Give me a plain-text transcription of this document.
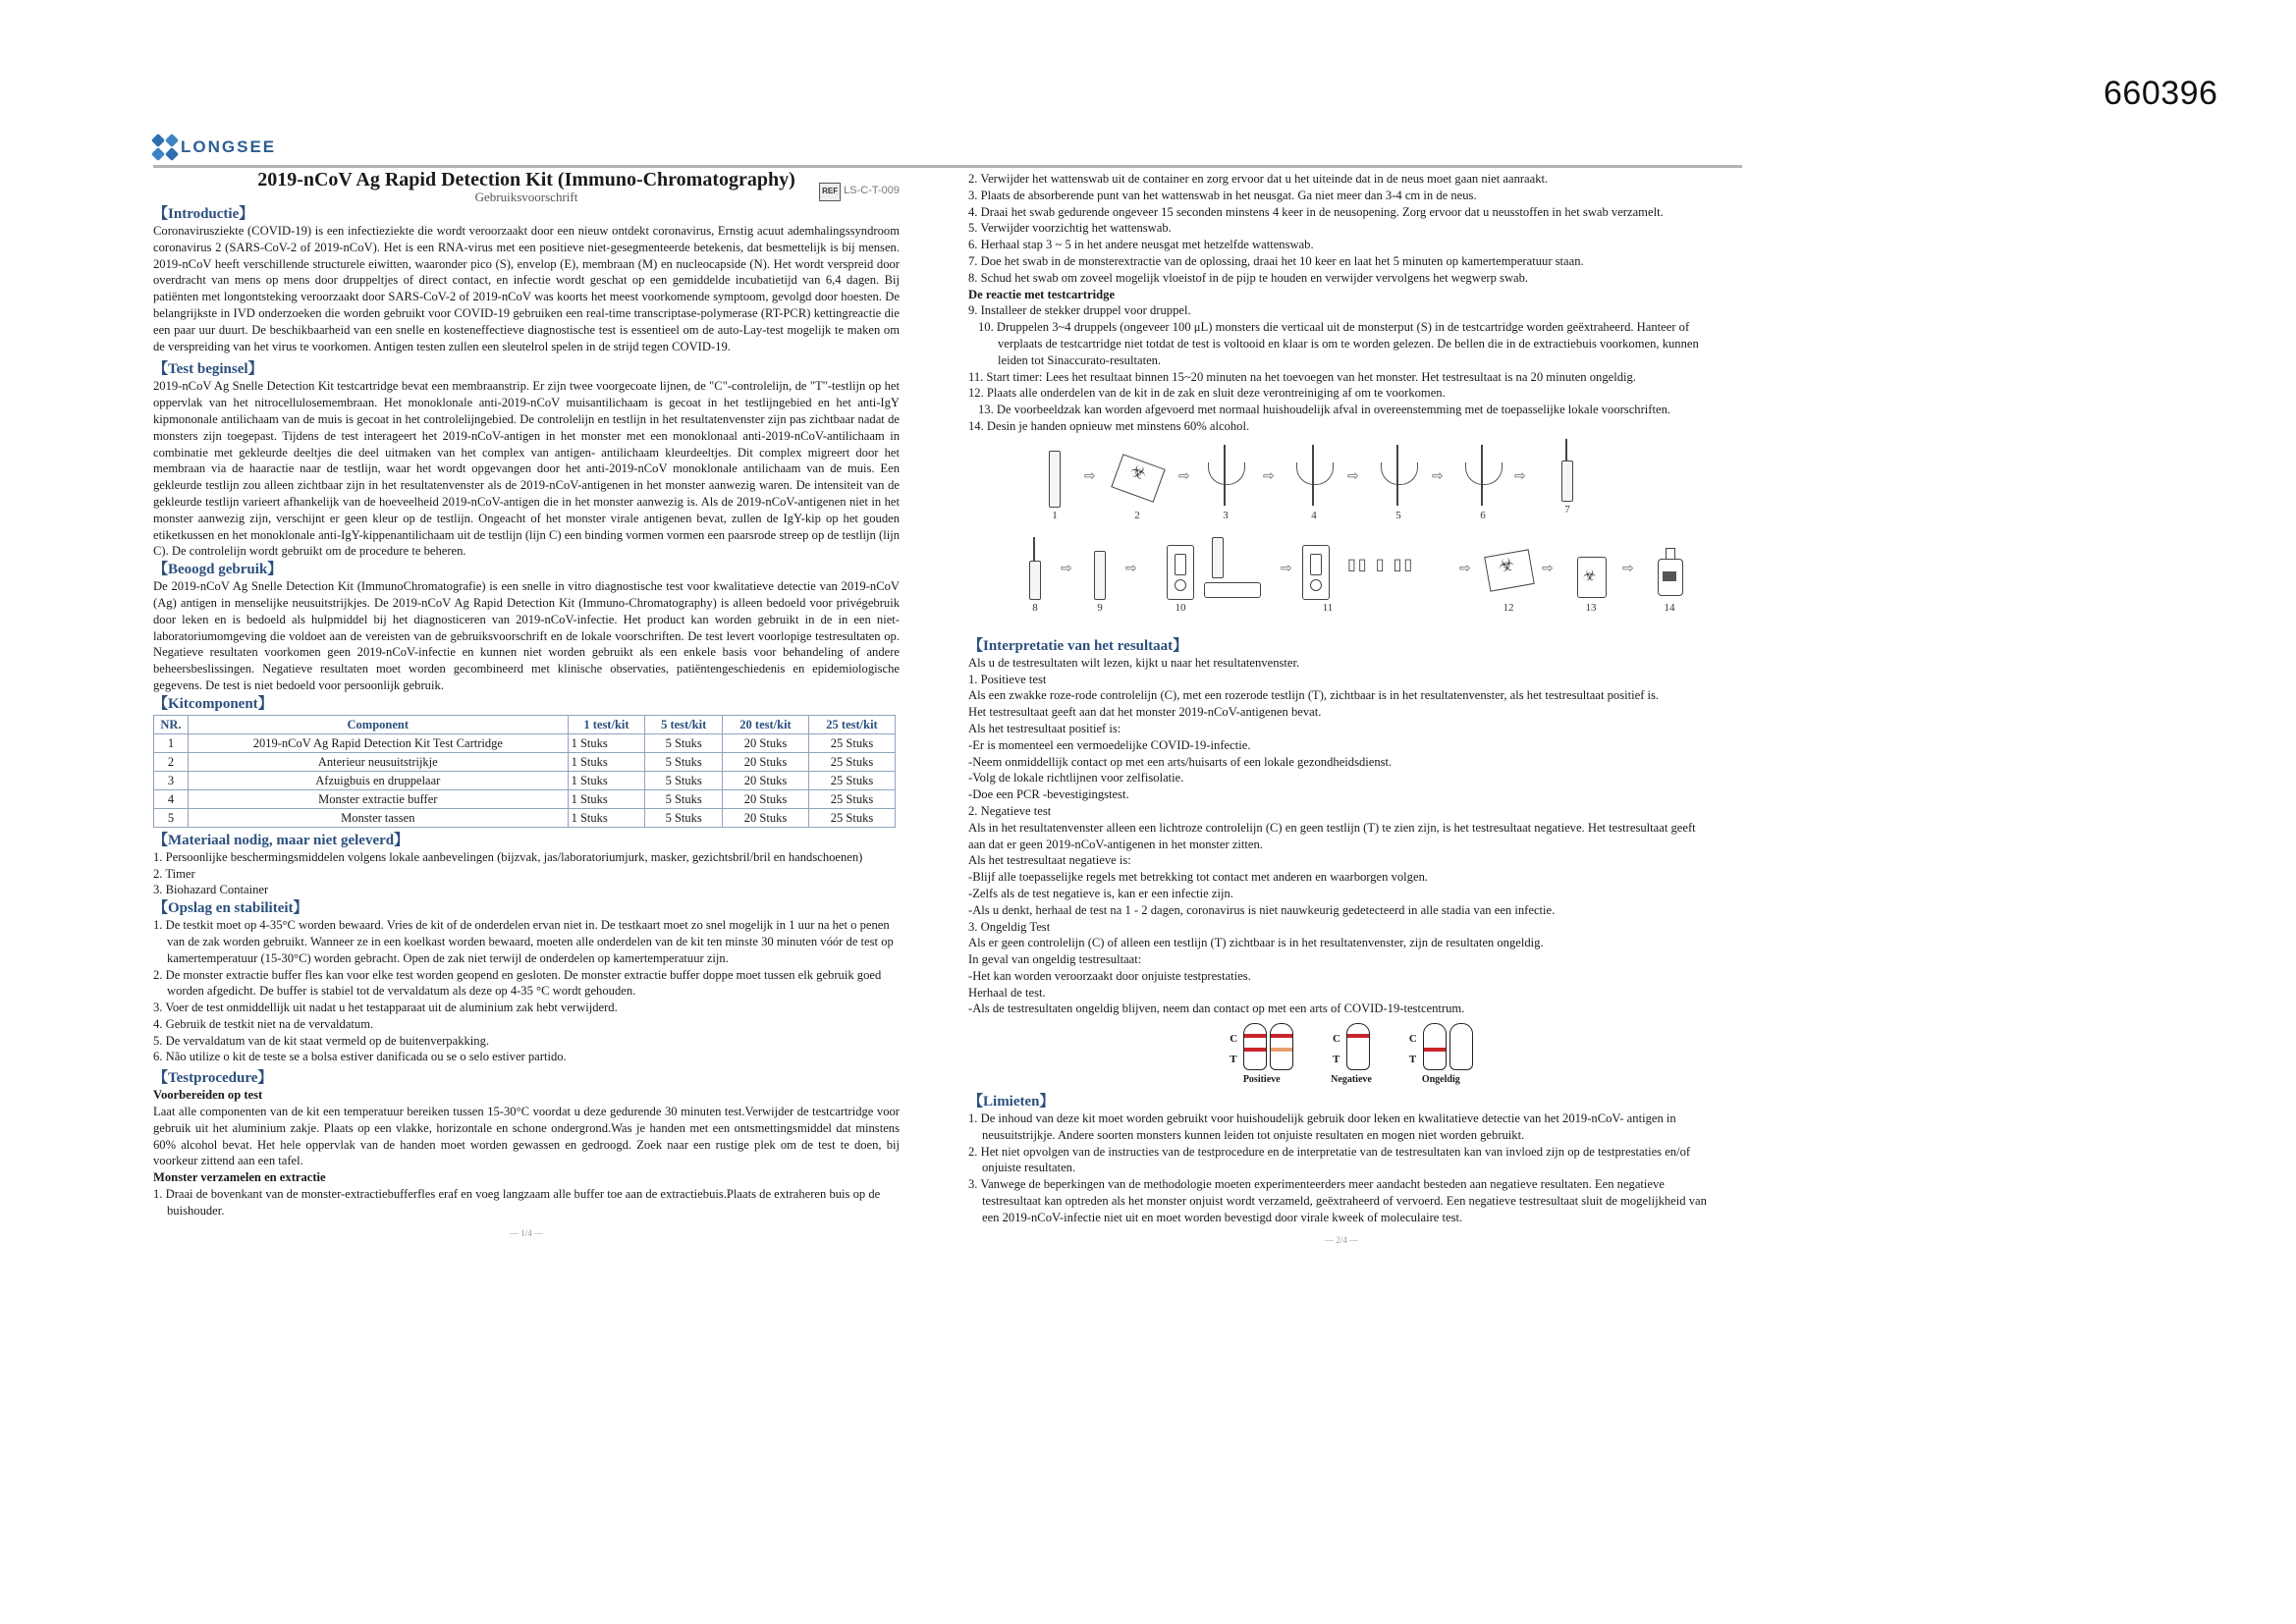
660396
LONGSEE
2019-nCoV Ag Rapid Detection Kit (Immuno-Chromatography)
Gebruiksvoorschrift	REF LS-C-T-009
【Introductie】

Coronavirusziekte (COVID-19) is een infectieziekte die wordt veroorzaakt door een nieuw ontdekt coronavirus, Ernstig acuut ademhalingssyndroom coronavirus 2 (SARS-CoV-2 of 2019-nCoV). Het is een RNA-virus met een positieve niet-gesegmenteerde betekenis, dat besmettelijk is bij mensen. 2019-nCoV heeft verschillende structurele eiwitten, waaronder pico (S), envelop (E), membraan (M) en nucleocapside (N). Het wordt verspreid door overdracht van mens op mens door druppeltjes of direct contact, en infectie wordt geschat op een gemiddelde incubatietijd van 6,4 dagen. Bij patiënten met longontsteking veroorzaakt door SARS-CoV-2 of 2019-nCoV was koorts het meest voorkomende symptoom, gevolgd door hoesten. De belangrijkste in IVD onderzoeken die worden gebruikt voor COVID-19 gebruiken een real-time transcriptase-polymerase (RT-PCR) kettingreactie die een paar uur duurt. De beschikbaarheid van een snelle en kosteneffectieve diagnostische test is essentieel om de auto-Lay-test mogelijk te maken om de verspreiding van het virus te voorkomen. Antigen testen zullen een sleutelrol spelen in de strijd tegen COVID-19.

【Test beginsel】

2019-nCoV Ag Snelle Detection Kit testcartridge bevat een membraanstrip. Er zijn twee voorgecoate lijnen, de "C"-controlelijn, de "T"-testlijn op het oppervlak van het nitrocellulosemembraan. Het monoklonale anti-2019-nCoV muisantilichaam is gecoat in het testlijngebied en het anti-IgY kipmononale antilichaam van de muis is gecoat in het controlelijngebied. De controlelijn en testlijn in het resultatenvenster zijn pas zichtbaar nadat de monsters zijn toegepast. Tijdens de test interageert het 2019-nCoV-antigen in het monster met een monoklonaal anti-2019-nCoV-antilichaam in combinatie met gekleurde deeltjes die deel uitmaken van het complex van antigen- antilichaam kleurdeeltjes. Dit complex migreert door het membraan via de haaractie naar de testlijn, waar het wordt opgevangen door het anti-2019-nCoV monoklonale antilichaam van de muis. Een gekleurde testlijn zou alleen zichtbaar zijn in het resultatenvenster als de 2019-nCoV-antigenen in het monster aanwezig waren. De intensiteit van de gekleurde testlijn varieert afhankelijk van de hoeveelheid 2019-nCoV-antigen die in het monster aanwezig is. Als de 2019-nCoV-antigenen niet in het monster aanwezig zijn, verschijnt er geen kleur op de testlijn. Ongeacht of het monster virale antigenen bevat, zullen de IgY-kip op het gouden etiketkussen en het monoklonale anti-IgY-kippenantilichaam uit de testlijn (lijn C) een binding vormen vormen een paarsrode streep op de testlijn (lijn C). De controlelijn wordt gebruikt om de procedure te beheren.

【Beoogd gebruik】

De 2019-nCoV Ag Snelle Detection Kit (ImmunoChromatografie) is een snelle in vitro diagnostische test voor kwalitatieve detectie van 2019-nCoV (Ag) antigen in menselijke neusuitstrijkjes. De 2019-nCoV Ag Rapid Detection Kit (Immuno-Chromatography) is alleen bedoeld voor privégebruik door leken en is bedoeld als hulpmiddel bij het diagnosticeren van 2019-nCoV-infectie. Het product kan worden gebruikt in de in een niet-laboratoriumomgeving die voldoet aan de vereisten van de gebruiksvoorschrift en de lokale voorschriften. De test levert voorlopige testresultaten op. Negatieve resultaten voorkomen geen 2019-nCoV-infectie en kunnen niet worden gebruikt als een enkele basis voor behandeling of andere beheersbeslissingen. Negatieve resultaten moet worden gecombineerd met klinische observaties, patiëntengeschiedenis en epidemiologische gegevens. De test is niet bedoeld voor persoonlijk gebruik.

【Kitcomponent】
NR.	Component	1 test/kit	5 test/kit	20 test/kit	25 test/kit
1	2019-nCoV Ag Rapid Detection Kit Test Cartridge	1 Stuks	5 Stuks	20 Stuks	25 Stuks
2	Anterieur neusuitstrijkje	1 Stuks	5 Stuks	20 Stuks	25 Stuks
3	Afzuigbuis en druppelaar	1 Stuks	5 Stuks	20 Stuks	25 Stuks
4	Monster extractie buffer	1 Stuks	5 Stuks	20 Stuks	25 Stuks
5	Monster tassen	1 Stuks	5 Stuks	20 Stuks	25 Stuks
【Materiaal nodig, maar niet geleverd】
1. Persoonlijke beschermingsmiddelen volgens lokale aanbevelingen (bijzvak, jas/laboratoriumjurk, masker, gezichtsbril/bril en handschoenen)
2. Timer
3. Biohazard Container
【Opslag en stabiliteit】
1. De testkit moet op 4-35°C worden bewaard. Vries de kit of de onderdelen ervan niet in. De testkaart moet zo snel mogelijk in 1 uur na het o penen van de zak worden gebruikt. Wanneer ze in een koelkast worden bewaard, moeten alle onderdelen van de kit ten minste 30 minuten vóór de test op kamertemperatuur (15-30°C) worden gebracht. Open de zak niet terwijl de onderdelen op kamertemperatuur zijn.
2. De monster extractie buffer fles kan voor elke test worden geopend en gesloten. De monster extractie buffer doppe moet tussen elk gebruik goed worden afgedicht. De buffer is stabiel tot de vervaldatum als deze op 4-35 °C wordt gehouden.
3. Voer de test onmiddellijk uit nadat u het testapparaat uit de aluminium zak hebt verwijderd.
4. Gebruik de testkit niet na de vervaldatum.
5. De vervaldatum van de kit staat vermeld op de buitenverpakking.
6. Não utilize o kit de teste se a bolsa estiver danificada ou se o selo estiver partido.
【Testprocedure】
Voorbereiden op test

Laat alle componenten van de kit een temperatuur bereiken tussen 15-30°C voordat u deze gedurende 30 minuten test.Verwijder de testcartridge voor gebruik uit het aluminium zakje. Plaats op een vlakke, horizontale en schone ondergrond.Was je handen met een ontsmettingsmiddel dat minstens 60% alcohol bevat. Het hele oppervlak van de handen moet worden gewassen en gedroogd. Zoek naar een rustige plek om de test te doen, bij voorkeur zittend aan een tafel.

Monster verzamelen en extractie
1. Draai de bovenkant van de monster-extractiebufferfles eraf en voeg langzaam alle buffer toe aan de extractiebuis.Plaats de extraheren buis op de buishouder.
— 1/4 —
2. Verwijder het wattenswab uit de container en zorg ervoor dat u het uiteinde dat in de neus moet gaan niet aanraakt.
3. Plaats de absorberende punt van het wattenswab in het neusgat. Ga niet meer dan 3-4 cm in de neus.
4. Draai het swab gedurende ongeveer 15 seconden minstens 4 keer in de neusopening. Zorg ervoor dat u neusstoffen in het swab verzamelt.
5. Verwijder voorzichtig het wattenswab.
6. Herhaal stap 3 ~ 5 in het andere neusgat met hetzelfde wattenswab.
7. Doe het swab in de monsterextractie van de oplossing, draai het 10 keer en laat het 5 minuten op kamertemperatuur staan.
8. Schud het swab om zoveel mogelijk vloeistof in de pijp te houden en verwijder vervolgens het wegwerp swab.
De reactie met testcartridge
9. Installeer de stekker druppel voor druppel.
10. Druppelen 3~4 druppels (ongeveer 100 μL) monsters die verticaal uit de monsterput (S) in de testcartridge worden geëxtraheerd. Hanteer of verplaats de testcartridge niet totdat de test is voltooid en klaar is om te worden gelezen. De bellen die in de extractiebuis voorkomen, kunnen leiden tot Sinaccurato-resultaten.
11. Start timer: Lees het resultaat binnen 15~20 minuten na het toevoegen van het monster. Het testresultaat is na 20 minuten ongeldig.
12. Plaats alle onderdelen van de kit in de zak en sluit deze verontreiniging af om te voorkomen.
13. De voorbeeldzak kan worden afgevoerd met normaal huishoudelijk afval in overeenstemming met de toepasselijke lokale voorschriften.
14. Desin je handen opnieuw met minstens 60% alcohol.
1
⇨
☣
2
⇨
3
⇨
4
⇨
5
⇨
6
⇨
7
8
⇨
9
⇨
10
⇨
11
▯▯ ▯ ▯▯	⇨
☣
12
⇨
☣
13
⇨
14
【Interpretatie van het resultaat】
Als u de testresultaten wilt lezen, kijkt u naar het resultatenvenster.
1. Positieve test
Als een zwakke roze-rode controlelijn (C), met een rozerode testlijn (T), zichtbaar is in het resultatenvenster, als het testresultaat positief is.
Het testresultaat geeft aan dat het monster 2019-nCoV-antigenen bevat.
Als het testresultaat positief is:
-Er is momenteel een vermoedelijke COVID-19-infectie.
-Neem onmiddellijk contact op met een arts/huisarts of een lokale gezondheidsdienst.
-Volg de lokale richtlijnen voor zelfisolatie.
-Doe een PCR -bevestigingstest.
2. Negatieve test
Als in het resultatenvenster alleen een lichtroze controlelijn (C) en geen testlijn (T) te zien zijn, is het testresultaat negatieve. Het testresultaat geeft aan dat er geen 2019-nCoV-antigenen in het monster zitten.
Als het testresultaat negatieve is:
-Blijf alle toepasselijke regels met betrekking tot contact met anderen en waarborgen volgen.
-Zelfs als de test negatieve is, kan er een infectie zijn.
-Als u denkt, herhaal de test na 1 - 2 dagen, coronavirus is niet nauwkeurig gedetecteerd in alle stadia van een infectie.
3. Ongeldig Test
Als er geen controlelijn (C) of alleen een testlijn (T) zichtbaar is in het resultatenvenster, zijn de resultaten ongeldig.
In geval van ongeldig testresultaat:
-Het kan worden veroorzaakt door onjuiste testprestaties.
Herhaal de test.
-Als de testresultaten ongeldig blijven, neem dan contact op met een arts of COVID-19-testcentrum.
C
T
Positieve
C
T
Negatieve
C
T
Ongeldig
【Limieten】
1. De inhoud van deze kit moet worden gebruikt voor huishoudelijk gebruik door leken en kwalitatieve detectie van het 2019-nCoV- antigen in neusuitstrijkje. Andere soorten monsters kunnen leiden tot onjuiste resultaten en mogen niet worden gebruikt.
2. Het niet opvolgen van de instructies van de testprocedure en de interpretatie van de testresultaten kan van invloed zijn op de testprestaties en/of onjuiste resultaten.
3. Vanwege de beperkingen van de methodologie moeten experimenteerders meer aandacht besteden aan negatieve resultaten. Een negatieve testresultaat kan optreden als het monster onjuist wordt verzameld, geëxtraheerd of vervoerd. Een negatieve testresultaat sluit de mogelijkheid van een 2019-nCoV-infectie niet uit en moet worden bevestigd door virale kweek of moleculaire test.
— 2/4 —
